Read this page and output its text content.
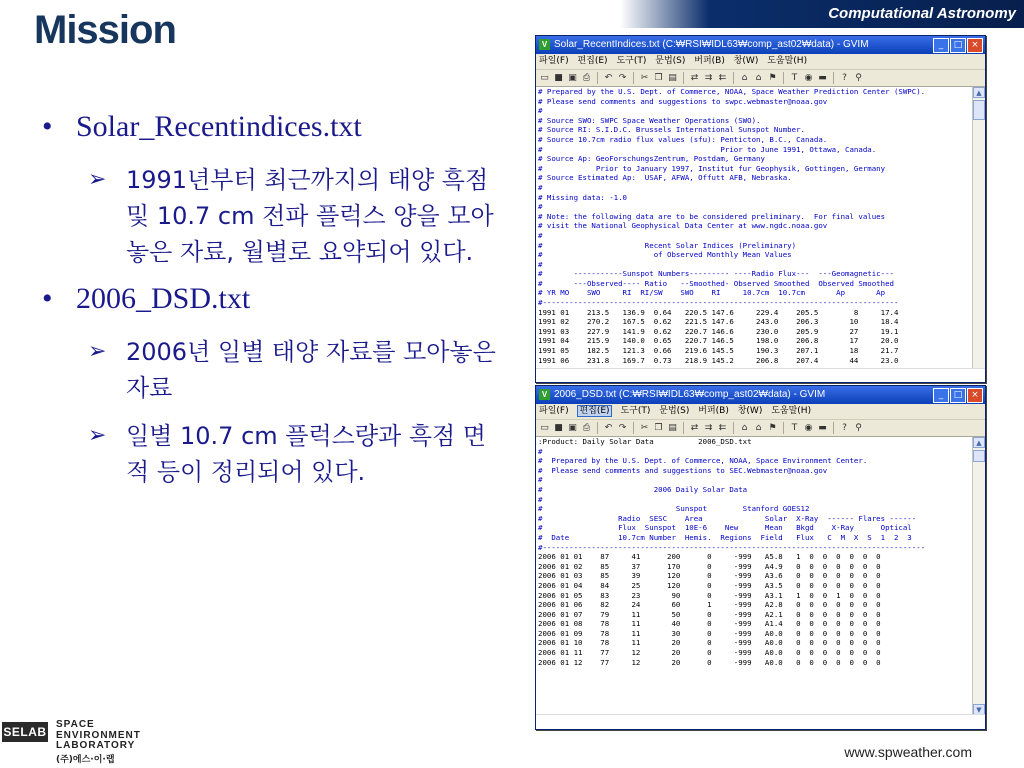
Mission	Computational Astronomy
• Solar_Recentindices.txt
➢ 1991년부터 최근까지의 태양 흑점 및 10.7 cm 전파 플럭스 양을 모아놓은 자료, 월별로 요약되어 있다.
• 2006_DSD.txt
➢ 2006년 일별 태양 자료를 모아놓은 자료
➢ 일별 10.7 cm 플럭스량과 흑점 면적 등이 정리되어 있다.
V Solar_RecentIndices.txt (C:₩RSI₩IDL63₩comp_ast02₩data) - GVIM	_	□ ×
파일(F) 편집(E) 도구(T) 문법(S) 버퍼(B) 창(W) 도움말(H)
▭ ■ ▣ ⎙ ↶ ↷ ✂ ❐ ▤ ⇄ ⇉ ⇇ ⌂ ⌂ ⚑	T ◉ ▬	? ⚲
# Prepared by the U.S. Dept. of Commerce, NOAA, Space Weather Prediction Center (SWPC).
# Please send comments and suggestions to swpc.webmaster@noaa.gov
#
# Source SWO: SWPC Space Weather Operations (SWO).
# Source RI: S.I.D.C. Brussels International Sunspot Number.
# Source 10.7cm radio flux values (sfu): Penticton, B.C., Canada.
#                                        Prior to June 1991, Ottawa, Canada.
# Source Ap: GeoForschungsZentrum, Postdam, Germany
#            Prior to January 1997, Institut fur Geophysik, Gottingen, Germany
# Source Estimated Ap:  USAF, AFWA, Offutt AFB, Nebraska.
#
# Missing data: -1.0
#
# Note: the following data are to be considered preliminary.  For final values
# visit the National Geophysical Data Center at www.ngdc.noaa.gov
#
#                       Recent Solar Indices (Preliminary)
#                         of Observed Monthly Mean Values
#
#       -----------Sunspot Numbers--------- ----Radio Flux---  ---Geomagnetic---
#       ---Observed---- Ratio   --Smoothed- Observed Smoothed  Observed Smoothed
# YR MO    SWO     RI  RI/SW    SWO    RI     10.7cm  10.7cm       Ap       Ap
#--------------------------------------------------------------------------------
1991 01    213.5   136.9  0.64   220.5 147.6     229.4    205.5        8     17.4
1991 02    270.2   167.5  0.62   221.5 147.6     243.0    206.3       10     18.4
1991 03    227.9   141.9  0.62   220.7 146.6     230.0    205.9       27     19.1
1991 04    215.9   140.0  0.65   220.7 146.5     198.0    206.8       17     20.0
1991 05    182.5   121.3  0.66   219.6 145.5     190.3    207.1       18     21.7
1991 06    231.8   169.7  0.73   218.9 145.2     206.8    207.4       44     23.0
▲

V 2006_DSD.txt (C:₩RSI₩IDL63₩comp_ast02₩data) - GVIM	_	□ ×
파일(F) 편집(E) 도구(T) 문법(S) 버퍼(B) 창(W) 도움말(H)
▭ ■ ▣ ⎙ ↶ ↷ ✂ ❐ ▤ ⇄ ⇉ ⇇ ⌂ ⌂ ⚑	T ◉ ▬	? ⚲
:Product: Daily Solar Data          2006_DSD.txt
#
#  Prepared by the U.S. Dept. of Commerce, NOAA, Space Environment Center.
#  Please send comments and suggestions to SEC.Webmaster@noaa.gov
#
#                         2006 Daily Solar Data
#
#                              Sunspot        Stanford GOES12
#                 Radio  SESC    Area              Solar  X-Ray  ------ Flares ------
#                 Flux  Sunspot  10E-6    New      Mean   Bkgd    X-Ray      Optical
#  Date           10.7cm Number  Hemis.  Regions  Field   Flux   C  M  X  S  1  2  3
#--------------------------------------------------------------------------------------
2006 01 01    87     41      200      0     -999   A5.8   1  0  0  0  0  0  0
2006 01 02    85     37      170      0     -999   A4.9   0  0  0  0  0  0  0
2006 01 03    85     39      120      0     -999   A3.6   0  0  0  0  0  0  0
2006 01 04    84     25      120      0     -999   A3.5   0  0  0  0  0  0  0
2006 01 05    83     23       90      0     -999   A3.1   1  0  0  1  0  0  0
2006 01 06    82     24       60      1     -999   A2.8   0  0  0  0  0  0  0
2006 01 07    79     11       50      0     -999   A2.1   0  0  0  0  0  0  0
2006 01 08    78     11       40      0     -999   A1.4   0  0  0  0  0  0  0
2006 01 09    78     11       30      0     -999   A0.0   0  0  0  0  0  0  0
2006 01 10    78     11       20      0     -999   A0.0   0  0  0  0  0  0  0
2006 01 11    77     12       20      0     -999   A0.0   0  0  0  0  0  0  0
2006 01 12    77     12       20      0     -999   A0.0   0  0  0  0  0  0  0
▲
▼

SELAB
SPACE
ENVIRONMENT
LABORATORY
(주)에스·이·랩	www.spweather.com
